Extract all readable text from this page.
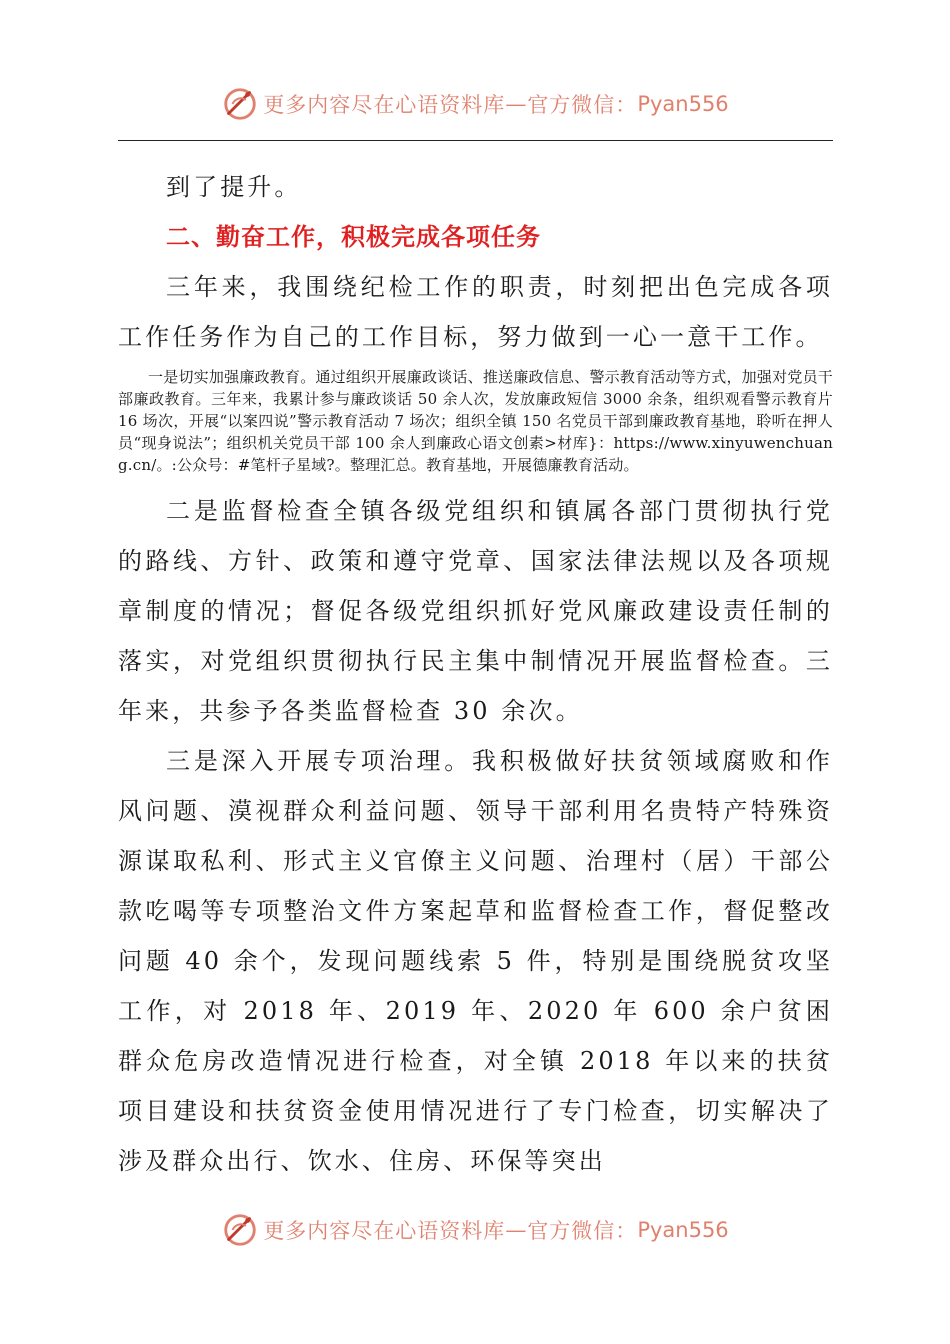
更多内容尽在心语资料库 — 官方微信： Pyan556

到了提升。

二、勤奋工作，积极完成各项任务

三年来，我围绕纪检工作的职责，时刻把出色完成各项工作任务作为自己的工作目标，努力做到一心一意干工作。

一是切实加强廉政教育。通过组织开展廉政谈话、推送廉政信息、警示教育活动等方式，加强对党员干部廉政教育。三年来，我累计参与廉政谈话 50 余人次，发放廉政短信 3000 余条，组织观看警示教育片 16 场次，开展“以案四说”警示教育活动 7 场次；组织全镇 150 名党员干部到廉政教育基地，聆听在押人员“现身说法”；组织机关党员干部 100 余人到廉政心语文创素>材库}：https://www.xinyuwenchuang.cn/。:公众号：#笔杆子星域?。整理汇总。教育基地，开展德廉教育活动。

二是监督检查全镇各级党组织和镇属各部门贯彻执行党的路线、方针、政策和遵守党章、国家法律法规以及各项规章制度的情况；督促各级党组织抓好党风廉政建设责任制的落实，对党组织贯彻执行民主集中制情况开展监督检查。三年来，共参予各类监督检查 30 余次。

三是深入开展专项治理。我积极做好扶贫领域腐败和作风问题、漠视群众利益问题、领导干部利用名贵特产特殊资源谋取私利、形式主义官僚主义问题、治理村（居）干部公款吃喝等专项整治文件方案起草和监督检查工作，督促整改问题 40 余个，发现问题线索 5 件，特别是围绕脱贫攻坚工作，对 2018 年、2019 年、2020 年 600 余户贫困群众危房改造情况进行检查，对全镇 2018 年以来的扶贫项目建设和扶贫资金使用情况进行了专门检查，切实解决了涉及群众出行、饮水、住房、环保等突出

更多内容尽在心语资料库 — 官方微信： Pyan556
